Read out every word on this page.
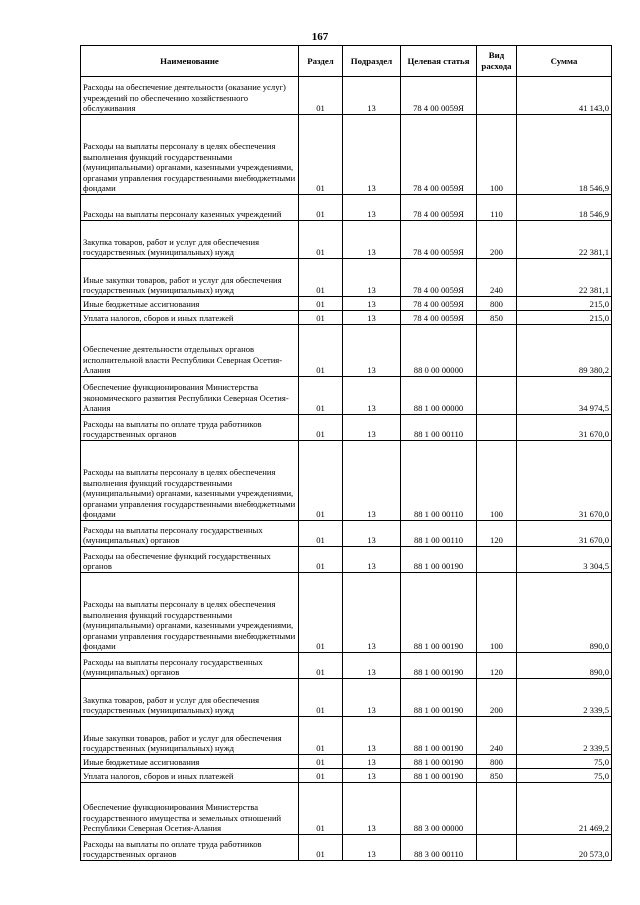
167
Наименование	Раздел	Подраздел	Целевая статья	Вид расхода	Сумма
Расходы на обеспечение деятельности (оказание услуг) учреждений по обеспечению хозяйственного обслуживания	01	13	78 4 00 0059Я		41 143,0
Расходы на выплаты персоналу в целях обеспечения выполнения функций государственными (муниципальными) органами, казенными учреждениями, органами управления государственными внебюджетными фондами	01	13	78 4 00 0059Я	100	18 546,9
Расходы на выплаты персоналу казенных учреждений	01	13	78 4 00 0059Я	110	18 546,9
Закупка товаров, работ и услуг для обеспечения государственных (муниципальных) нужд	01	13	78 4 00 0059Я	200	22 381,1
Иные закупки товаров, работ и услуг для обеспечения государственных (муниципальных) нужд	01	13	78 4 00 0059Я	240	22 381,1
Иные бюджетные ассигнования	01	13	78 4 00 0059Я	800	215,0
Уплата налогов, сборов и иных платежей	01	13	78 4 00 0059Я	850	215,0
Обеспечение деятельности отдельных органов исполнительной власти Республики Северная Осетия-Алания	01	13	88 0 00 00000		89 380,2
Обеспечение функционирования Министерства экономического развития Республики Северная Осетия-Алания	01	13	88 1 00 00000		34 974,5
Расходы на выплаты по оплате труда работников государственных органов	01	13	88 1 00 00110		31 670,0
Расходы на выплаты персоналу в целях обеспечения выполнения функций государственными (муниципальными) органами, казенными учреждениями, органами управления государственными внебюджетными фондами	01	13	88 1 00 00110	100	31 670,0
Расходы на выплаты персоналу государственных (муниципальных) органов	01	13	88 1 00 00110	120	31 670,0
Расходы на обеспечение функций государственных органов	01	13	88 1 00 00190		3 304,5
Расходы на выплаты персоналу в целях обеспечения выполнения функций государственными (муниципальными) органами, казенными учреждениями, органами управления государственными внебюджетными фондами	01	13	88 1 00 00190	100	890,0
Расходы на выплаты персоналу государственных (муниципальных) органов	01	13	88 1 00 00190	120	890,0
Закупка товаров, работ и услуг для обеспечения государственных (муниципальных) нужд	01	13	88 1 00 00190	200	2 339,5
Иные закупки товаров, работ и услуг для обеспечения государственных (муниципальных) нужд	01	13	88 1 00 00190	240	2 339,5
Иные бюджетные ассигнования	01	13	88 1 00 00190	800	75,0
Уплата налогов, сборов и иных платежей	01	13	88 1 00 00190	850	75,0
Обеспечение функционирования Министерства государственного имущества и земельных отношений Республики Северная Осетия-Алания	01	13	88 3 00 00000		21 469,2
Расходы на выплаты по оплате труда работников государственных органов	01	13	88 3 00 00110		20 573,0
